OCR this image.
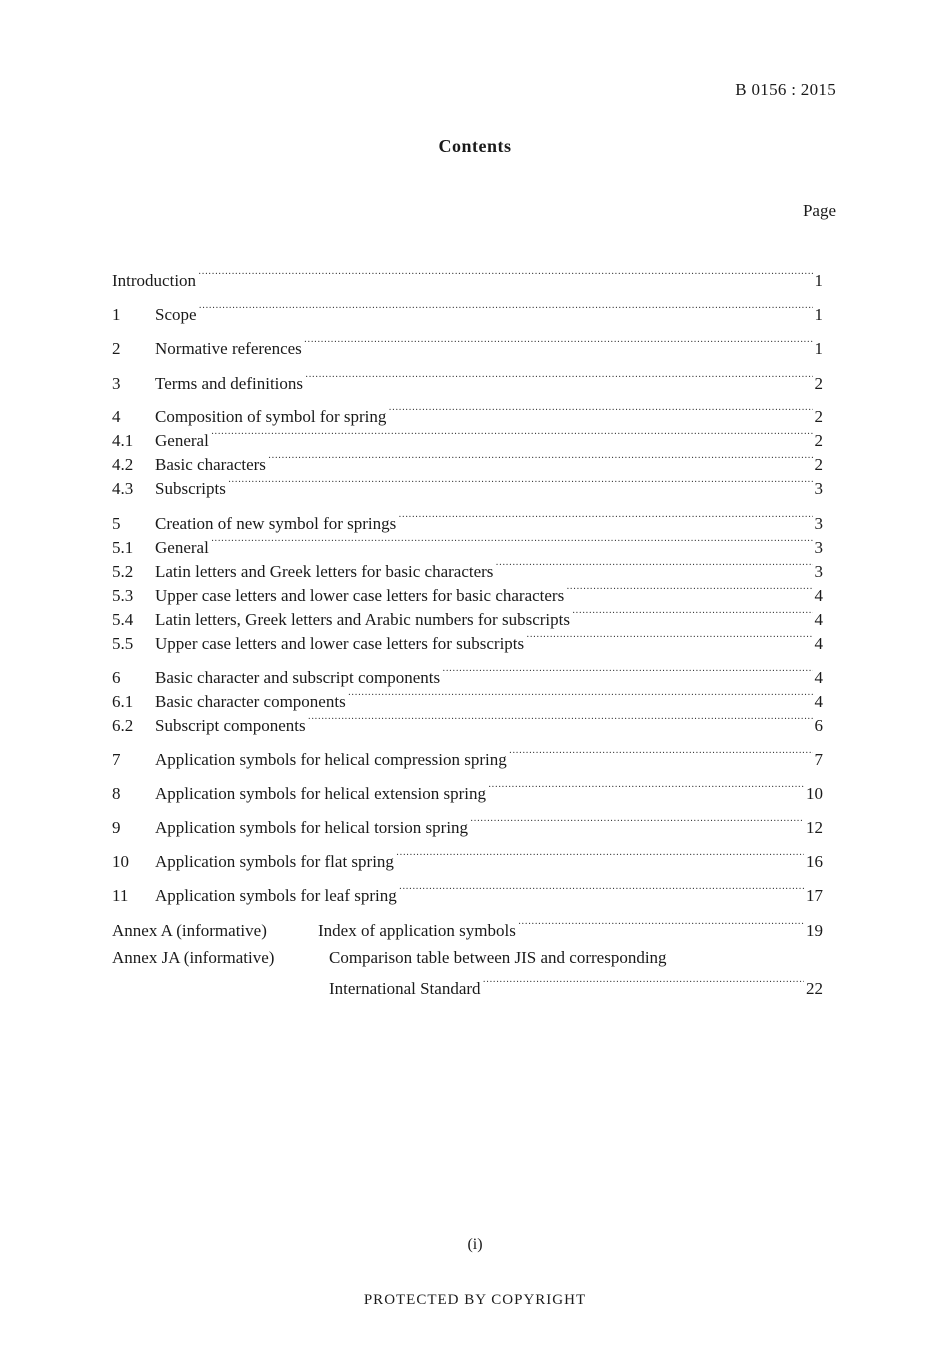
B 0156 : 2015
Contents
Page
Introduction ·····	1
1	Scope ·····	1
2	Normative references ·····	1
3	Terms and definitions ·····	2
4	Composition of symbol for spring ·····	2
4.1	General ·····	2
4.2	Basic characters ·····	2
4.3	Subscripts ·····	3
5	Creation of new symbol for springs ·····	3
5.1	General ·····	3
5.2	Latin letters and Greek letters for basic characters ·····	3
5.3	Upper case letters and lower case letters for basic characters ·····	4
5.4	Latin letters, Greek letters and Arabic numbers for subscripts ·····	4
5.5	Upper case letters and lower case letters for subscripts ·····	4
6	Basic character and subscript components ·····	4
6.1	Basic character components ·····	4
6.2	Subscript components ·····	6
7	Application symbols for helical compression spring ·····	7
8	Application symbols for helical extension spring ·····	10
9	Application symbols for helical torsion spring ·····	12
10	Application symbols for flat spring ·····	16
11	Application symbols for leaf spring ·····	17
Annex A (informative)	Index of application symbols ·····	19
Annex JA (informative)	Comparison table between JIS and corresponding
International Standard ·····	22
(i)
PROTECTED BY COPYRIGHT
